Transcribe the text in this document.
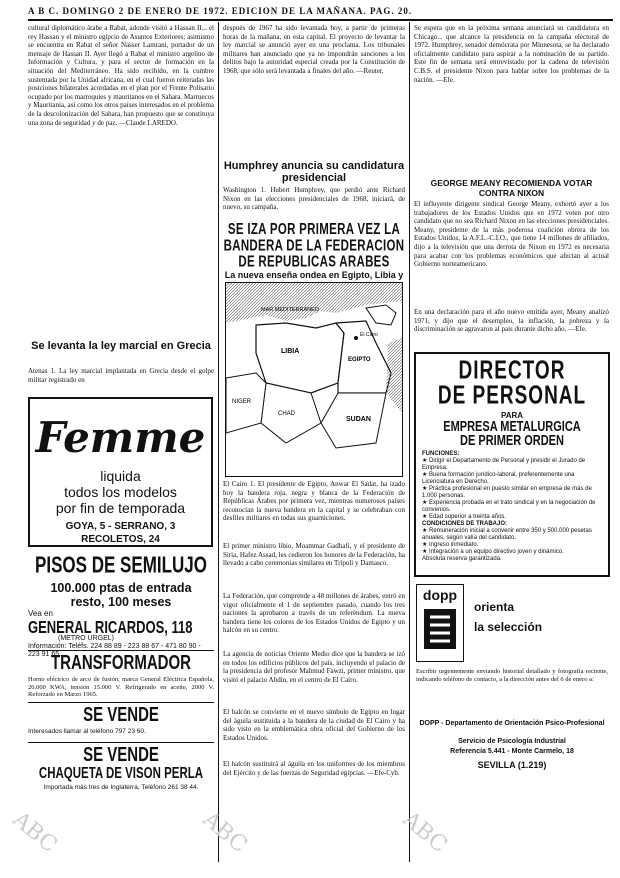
A B C. DOMINGO 2 DE ENERO DE 1972. EDICION DE LA MAÑANA. PAG. 20.

cultural diplomático árabe a Rabat, adonde visitó a Hassan II... el rey Hassan y el ministro egipcio de Asuntos Exteriores; asimismo se encuentra en Rabat el señor Nasser Lamrani, portador de un mensaje de Hassan II. Ayer llegó a Rabat el ministro argelino de Información y Cultura, y para el sector de formación en la situación del Mediterráneo. Ha sido recibido, en la cumbre sustentada por la Unidad africana, en el cual fueron reiteradas las posiciones bilaterales acordadas en el plan por el Frente Polisario ocupado por los marroquíes y mauritanos en el Sahara. Marruecos y Mauritania, así como los otros países interesados en el problema de la descolonización del Sahara, han propuesto que se constituya una zona de seguridad y de paz. —Claude LAREDO.

Se levanta la ley marcial en Grecia

Atenas 1. La ley marcial implantada en Grecia desde el golpe militar registrado en

Femme
liquida
todos los modelos
por fin de temporada
GOYA, 5 - SERRANO, 3
RECOLETOS, 24
PISOS DE SEMILUJO
100.000 ptas de entrada
resto, 100 meses
Vea en
GENERAL RICARDOS, 118
(METRO URGEL)
Información: Teléfs. 224 88 89 - 223 88 67 - 471 80 90 - 223 91 65.
TRANSFORMADOR

Horno eléctrico de arco de fusión, marca General Eléctrica Española, 20.000 KWA, tensión 15.000 V. Refrigerado en aceite, 2000 V. Reforzado en Marzo 1965.

SE VENDE
Interesados llamar al teléfono 797 23 60.
SE VENDE
CHAQUETA DE VISON PERLA
Importada más tres de Inglaterra, Teléfono 261 38 44.

después de 1967 ha sido levantada hoy, a partir de primeras horas de la mañana, en esta capital. El proyecto de levantar la ley marcial se anunció ayer en una proclama. Los tribunales militares han anunciado que ya no impondrán sanciones a los delitos bajo la autoridad especial creada por la Constitución de 1968, que sólo será levantada a finales del año. —Reuter.

Humphrey anuncia su candidatura presidencial

Washington 1. Hubert Humphrey, que perdió ante Richard Nixon en las elecciones presidenciales de 1968, iniciará, de nuevo, su campaña.

SE IZA POR PRIMERA VEZ LA BANDERA DE LA FEDERACION DE REPUBLICAS ARABES
La nueva enseña ondea en Egipto, Libia y
MAR MEDITERRANEO
LIBIA
EGIPTO
El Cairo
SUDAN
CHAD
NIGER

El Cairo 1. El presidente de Egipto, Anwar El Sadat, ha izado hoy la bandera roja, negra y blanca de la Federación de Repúblicas Árabes por primera vez, mientras numerosos países reconocían la nueva bandera en la capital y se celebraban con desfiles militares en todas sus guarniciones.

El primer ministro libio, Moammar Gadhafi, y el presidente de Siria, Hafez Assad, les cedieron los honores de la Federación, ha llevado a cabo ceremonias similares en Trípoli y Damasco.

La Federación, que comprende a 48 millones de árabes, entró en vigor oficialmente el 1 de septiembre pasado, cuando los tres naciones la aprobaron a través de un referéndum. La nueva bandera tiene los colores de los Estados Unidos de Egipto y un halcón en su centro.

La agencia de noticias Oriente Medio dice que la bandera se izó en todos los edificios públicos del país, incluyendo el palacio de la presidencia del profesor Mahmud Fawzi, primer ministro, que visitó el palacio Abdin, en el centro de El Cairo.

El halcón se convierte en el nuevo símbolo de Egipto en lugar del águila sustituida a la bandera de la ciudad de El Cairo y ha sido visto en la emblemática obra oficial del Gobierno de los Estados Unidos.

El halcón sustituirá al águila en los uniformes de los miembros del Ejército y de las fuerzas de Seguridad egipcias. —Efe-Cyb.

Se espera que en la próxima semana anunciará su candidatura en Chicago... que alcance la presidencia en la campaña electoral de 1972. Humphrey, senador demócrata por Minnesota, se ha declarado oficialmente candidato para aspirar a la nominación de su partido. Este fin de semana será entrevistado por la cadena de televisión C.B.S. el presidente Nixon para hablar sobre los problemas de la nación. —Efe.

GEORGE MEANY RECOMIENDA VOTAR CONTRA NIXON

El influyente dirigente sindical George Meany, exhortó ayer a los trabajadores de los Estados Unidos que en 1972 voten por otro candidato que no sea Richard Nixon en las elecciones presidenciales. Meany, presidente de la más poderosa coalición obrera de los Estados Unidos, la A.F.L.-C.I.O., que tiene 14 millones de afiliados, dijo a la televisión que una derrota de Nixon en 1972 es necesaria para acabar con los problemas económicos que afectan al actual Gobierno norteamericano.

En una declaración para el año nuevo emitida ayer, Meany analizó 1971, y dijo que el desempleo, la inflación, la pobreza y la discriminación se agravaron al país durante dicho año. —Efe.

DIRECTOR
DE PERSONAL
PARA
EMPRESA METALURGICA
DE PRIMER ORDEN
FUNCIONES:
★ Dirigir el Departamento de Personal y presidir el Jurado de Empresa.
★ Buena formación jurídico-laboral, preferentemente una Licenciatura en Derecho.
★ Práctica profesional en puesto similar en empresa de más de 1.000 personas.
★ Experiencia probada en el trato sindical y en la negociación de convenios.
★ Edad superior a treinta años.
CONDICIONES DE TRABAJO:
★ Remuneración inicial a convenir entre 350 y 500.000 pesetas anuales, según valía del candidato.
★ Ingreso inmediato.
★ Integración a un equipo directivo joven y dinámico.
Absoluta reserva garantizada.
dopp
orienta
la selección

Escribir urgentemente enviando historial detallado y fotografía reciente, indicando teléfono de contacto, a la dirección antes del 6 de enero a:

DOPP - Departamento de Orientación Psico-Profesional
Servicio de Psicología Industrial
Referencia 5.441 - Monte Carmelo, 18
SEVILLA (1.219)
ABC	ABC
ABC
